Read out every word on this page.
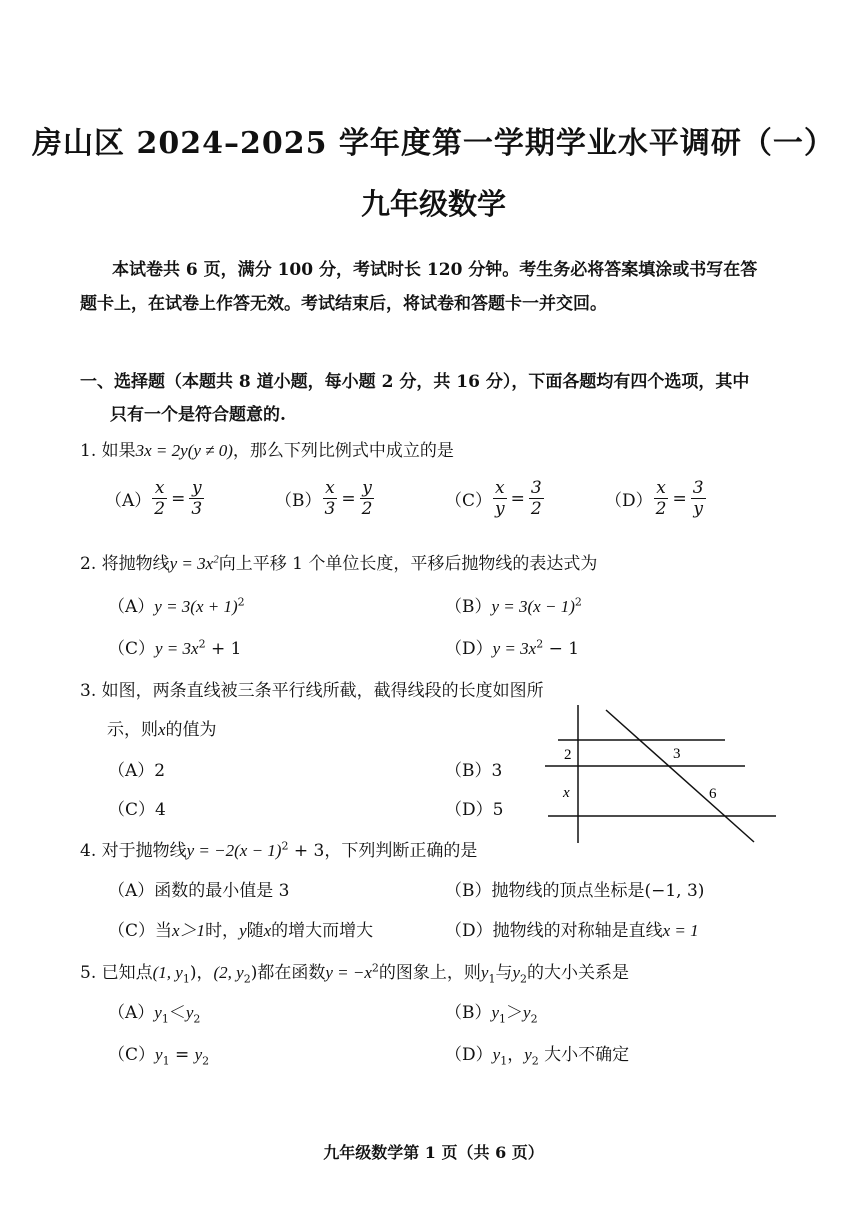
房山区 2024–2025 学年度第一学期学业水平调研（一）
九年级数学
本试卷共 6 页，满分 100 分，考试时长 120 分钟。考生务必将答案填涂或书写在答
题卡上，在试卷上作答无效。考试结束后，将试卷和答题卡一并交回。
一、选择题（本题共 8 道小题，每小题 2 分，共 16 分），下面各题均有四个选项，其中
只有一个是符合题意的.
1. 如果3x = 2y(y ≠ 0)，那么下列比例式中成立的是
$(A) \frac{x}{2} = \frac{y}{3}$	$(B) \frac{x}{3} = \frac{y}{2}$	$(C) \frac{x}{y} = \frac{3}{2}$	$(D) \frac{x}{2} = \frac{3}{y}$
2. 将抛物线$y = 3x^2$向上平移 1 个单位长度，平移后抛物线的表达式为
$(A)y = 3(x + 1)^2$	$(B)y = 3(x - 1)^2$
$(C)y = 3x^2 + 1$	$(D)y = 3x^2 - 1$
3. 如图，两条直线被三条平行线所截，截得线段的长度如图所
示，则x的值为
（A）2	（B）3
（C）4	（D）5
2	3
x	6
4. 对于抛物线$y = -2(x - 1)^2 + 3$，下列判断正确的是
（A）函数的最小值是 3	（B）抛物线的顶点坐标是(−1, 3)
（C）当x＞1时，y随x的增大而增大	（D）抛物线的对称轴是直线x = 1
5. 已知点(1, $y_1$)，(2, $y_2$)都在函数$y = -x^2$的图象上，则$y_1$与$y_2$的大小关系是
$(A)y_1<y_2$	$(B)y_1>y_2$
$(C)y_1 = y_2$	$(D)y_1$，$y_2$ 大小不确定
九年级数学第 1 页（共 6 页）
